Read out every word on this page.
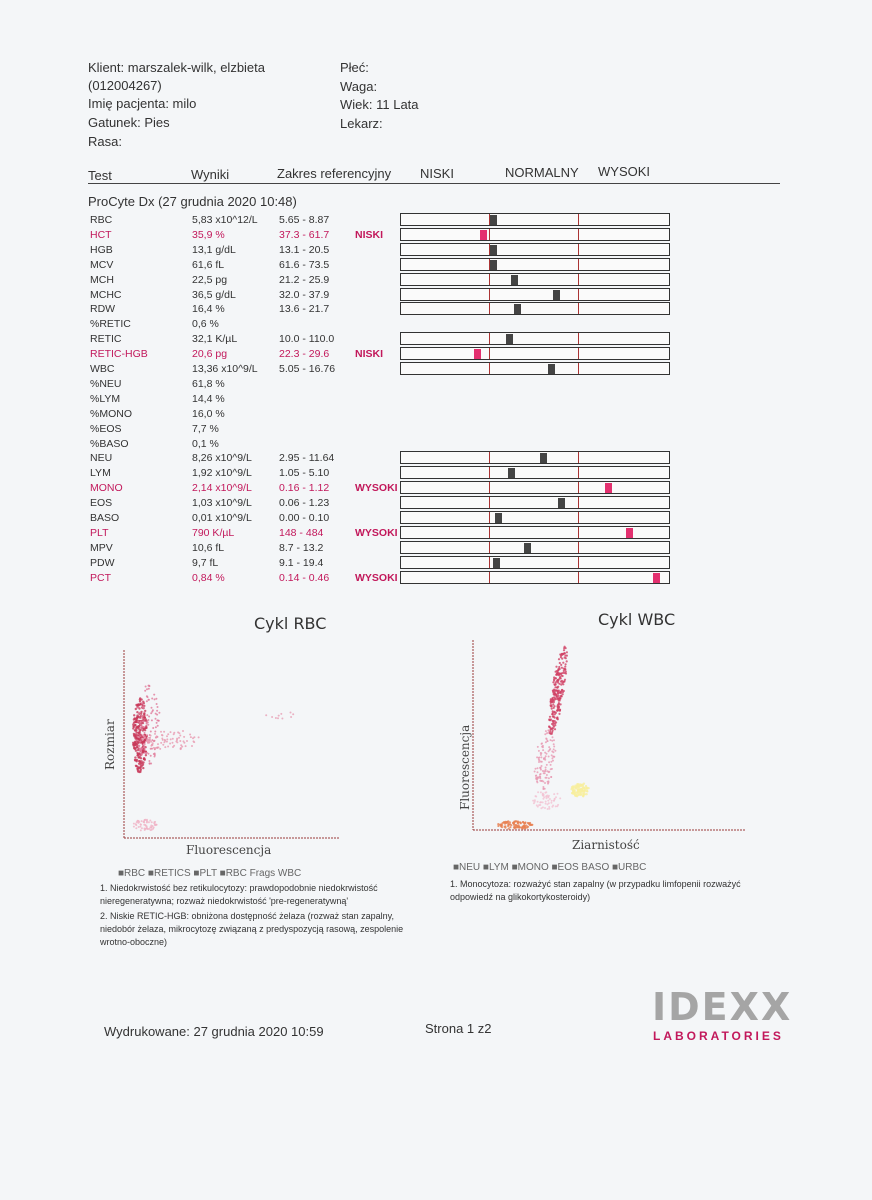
Klient: marszalek-wilk, elzbieta
(012004267)
Imię pacjenta: milo
Gatunek: Pies
Rasa:
Płeć:
Waga:
Wiek: 11 Lata
Lekarz:
Test	Wyniki	Zakres referencyjny NISKI	NORMALNY WYSOKI
ProCyte Dx (27 grudnia 2020 10:48)
RBC	5,83 x10^12/L 5.65 - 8.87
HCT	35,9 %	37.3 - 61.7 NISKI
HGB	13,1 g/dL	13.1 - 20.5
MCV	61,6 fL	61.6 - 73.5
MCH	22,5 pg	21.2 - 25.9
MCHC	36,5 g/dL	32.0 - 37.9
RDW	16,4 %	13.6 - 21.7
%RETIC	0,6 %
RETIC	32,1 K/µL	10.0 - 110.0
RETIC-HGB	20,6 pg	22.3 - 29.6 NISKI
WBC	13,36 x10^9/L 5.05 - 16.76
%NEU	61,8 %
%LYM	14,4 %
%MONO	16,0 %
%EOS	7,7 %
%BASO	0,1 %
NEU	8,26 x10^9/L	2.95 - 11.64
LYM	1,92 x10^9/L	1.05 - 5.10
MONO	2,14 x10^9/L	0.16 - 1.12 WYSOKI
EOS	1,03 x10^9/L	0.06 - 1.23
BASO	0,01 x10^9/L	0.00 - 0.10
PLT	790 K/µL	148 - 484	WYSOKI
MPV	10,6 fL	8.7 - 13.2
PDW	9,7 fL	9.1 - 19.4
PCT	0,84 %	0.14 - 0.46 WYSOKI
Cykl RBC
Rozmiar
Fluorescencja
■RBC ■RETICS ■PLT ■RBC Frags WBC
Cykl WBC
Fluorescencja
Ziarnistość
■NEU ■LYM ■MONO ■EOS BASO ■URBC
1. Niedokrwistość bez retikulocytozy: prawdopodobnie niedokrwistość nieregeneratywna; rozważ niedokrwistość 'pre-regeneratywną'
2. Niskie RETIC-HGB: obniżona dostępność żelaza (rozważ stan zapalny, niedobór żelaza, mikrocytozę związaną z predyspozycją rasową, zespolenie wrotno-oboczne)
1. Monocytoza: rozważyć stan zapalny (w przypadku limfopenii rozważyć odpowiedź na glikokortykosteroidy)
Wydrukowane: 27 grudnia 2020 10:59	Strona 1 z2	IDEXX
LABORATORIES
